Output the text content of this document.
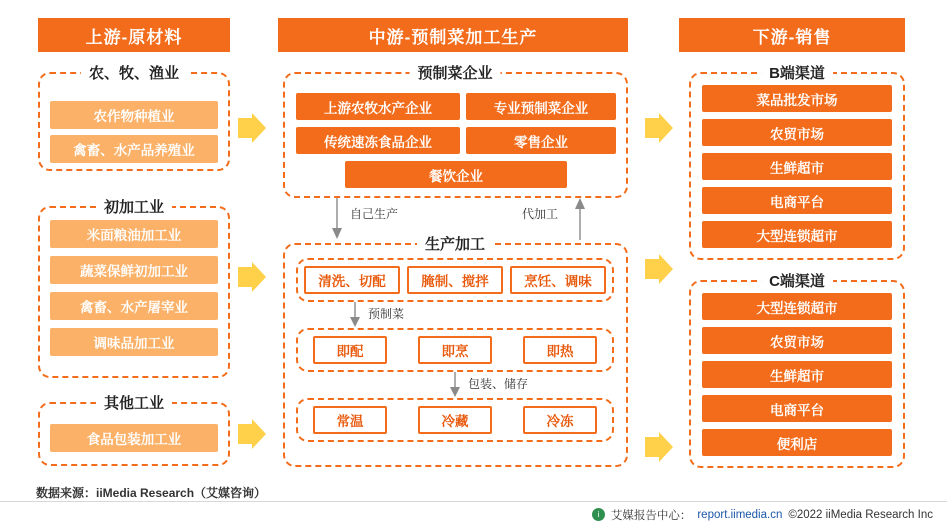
上游-原材料	中游-预制菜加工生产	下游-销售
农、牧、渔业
农作物种植业
禽畜、水产品养殖业
初加工业
米面粮油加工业
蔬菜保鲜初加工业
禽畜、水产屠宰业
调味品加工业
其他工业
食品包装加工业
预制菜企业
上游农牧水产企业	专业预制菜企业
传统速冻食品企业	零售企业
餐饮企业
自己生产	代加工
生产加工
清洗、切配	腌制、搅拌	烹饪、调味
预制菜
即配	即烹	即热
包装、储存
常温	冷藏	冷冻
B端渠道
菜品批发市场
农贸市场
生鲜超市
电商平台
大型连锁超市
C端渠道
大型连锁超市
农贸市场
生鲜超市
电商平台
便利店
数据来源：iiMedia Research（艾媒咨询）
i	艾媒报告中心： report.iimedia.cn ©2022 iiMedia Research Inc
